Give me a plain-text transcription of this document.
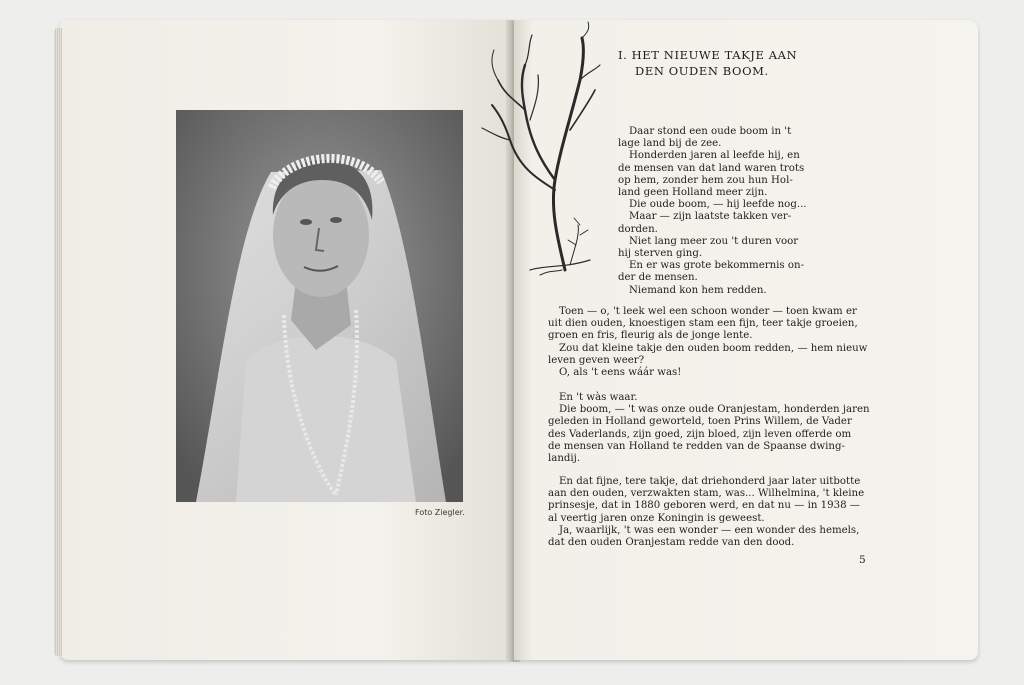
Foto Ziegler.
I. HET NIEUWE TAKJE AAN
DEN OUDEN BOOM.
Daar stond een oude boom in 't
lage land bij de zee.
Honderden jaren al leefde hij, en
de mensen van dat land waren trots
op hem, zonder hem zou hun Hol-
land geen Holland meer zijn.
Die oude boom, — hij leefde nog...
Maar — zijn laatste takken ver-
dorden.
Niet lang meer zou 't duren voor
hij sterven ging.
En er was grote bekommernis on-
der de mensen.
Niemand kon hem redden.
Toen — o, 't leek wel een schoon wonder — toen kwam er
uit dien ouden, knoestigen stam een fijn, teer takje groeien,
groen en fris, fleurig als de jonge lente.
Zou dat kleine takje den ouden boom redden, — hem nieuw
leven geven weer?
O, als 't eens wáár was!
En 't wàs waar.
Die boom, — 't was onze oude Oranjestam, honderden jaren
geleden in Holland geworteld, toen Prins Willem, de Vader
des Vaderlands, zijn goed, zijn bloed, zijn leven offerde om
de mensen van Holland te redden van de Spaanse dwing-
landij.
En dat fijne, tere takje, dat driehonderd jaar later uitbotte
aan den ouden, verzwakten stam, was... Wilhelmina, 't kleine
prinsesje, dat in 1880 geboren werd, en dat nu — in 1938 —
al veertig jaren onze Koningin is geweest.
Ja, waarlijk, 't was een wonder — een wonder des hemels,
dat den ouden Oranjestam redde van den dood.
5
